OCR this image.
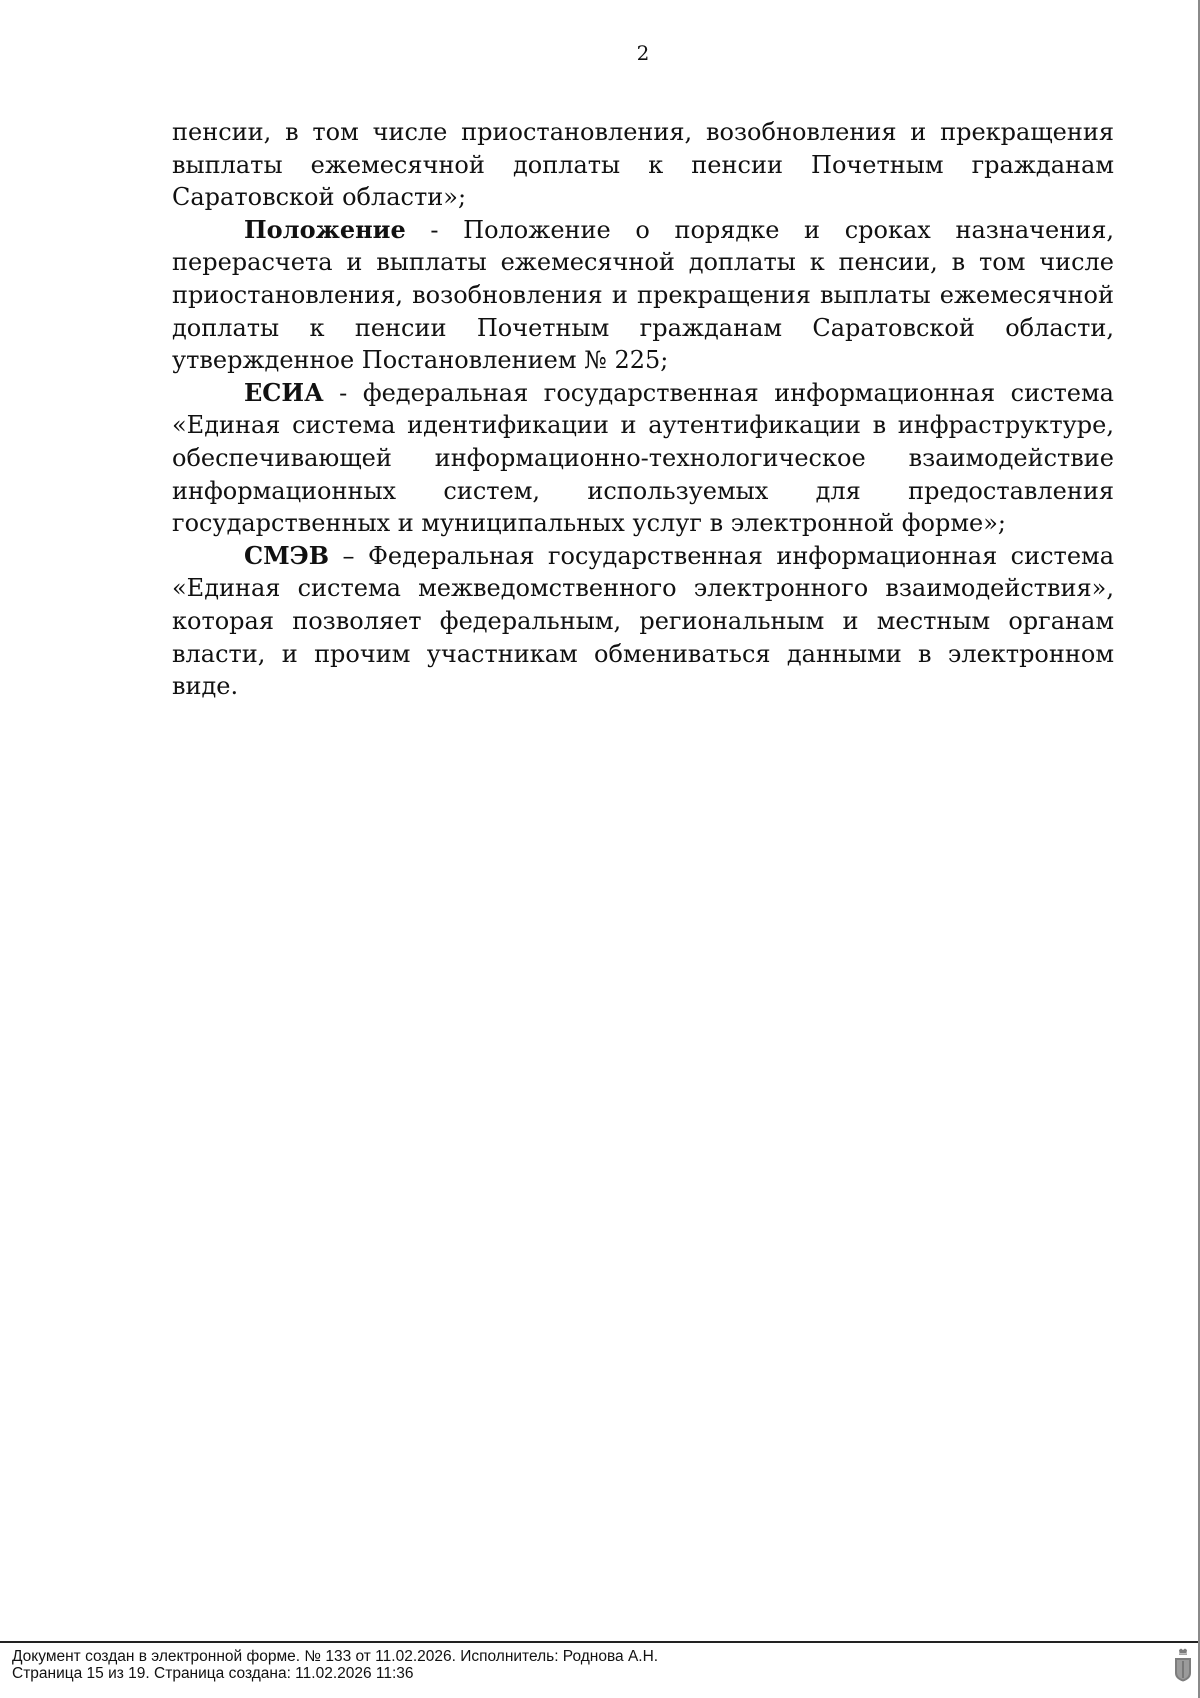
2

пенсии, в том числе приостановления, возобновления и прекращения выплаты ежемесячной доплаты к пенсии Почетным гражданам Саратовской области»;

Положение - Положение о порядке и сроках назначения, перерасчета и выплаты ежемесячной доплаты к пенсии, в том числе приостановления, возобновления и прекращения выплаты ежемесячной доплаты к пенсии Почетным гражданам Саратовской области, утвержденное Постановлением № 225;

ЕСИА - федеральная государственная информационная система «Единая система идентификации и аутентификации в инфраструктуре, обеспечивающей информационно-технологическое взаимодействие информационных систем, используемых для предоставления государственных и муниципальных услуг в электронной форме»;

СМЭВ – Федеральная государственная информационная система «Единая система межведомственного электронного взаимодействия», которая позволяет федеральным, региональным и местным органам власти, и прочим участникам обмениваться данными в электронном виде.

Документ создан в электронной форме. № 133 от 11.02.2026. Исполнитель: Роднова А.Н.
Страница 15 из 19. Страница создана: 11.02.2026 11:36
